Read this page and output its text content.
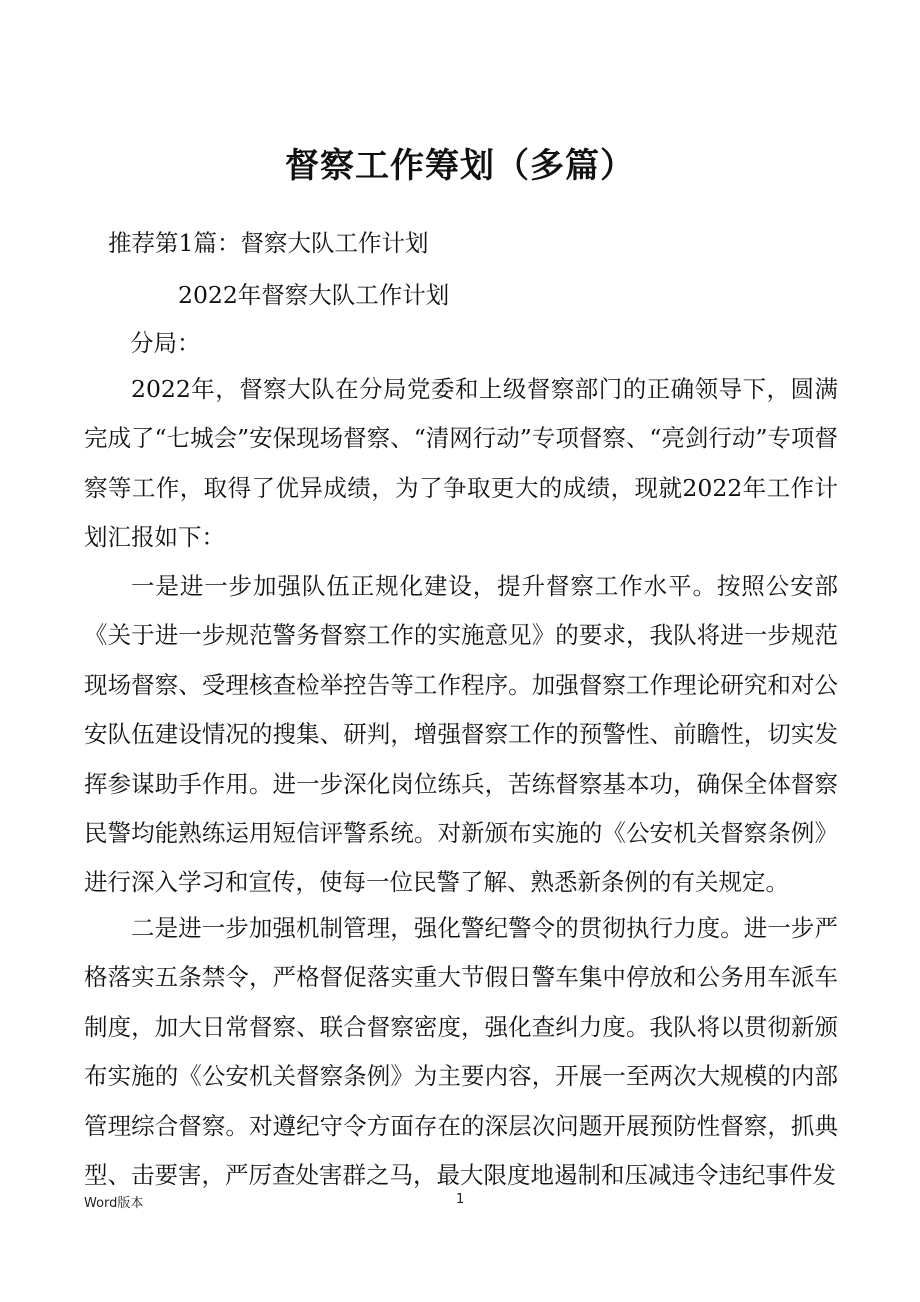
督察工作筹划（多篇）
推荐第1篇：督察大队工作计划
2022年督察大队工作计划
分局：

2022年，督察大队在分局党委和上级督察部门的正确领导下，圆满完成了“七城会”安保现场督察、“清网行动”专项督察、“亮剑行动”专项督察等工作，取得了优异成绩，为了争取更大的成绩，现就2022年工作计划汇报如下：

一是进一步加强队伍正规化建设，提升督察工作水平。按照公安部《关于进一步规范警务督察工作的实施意见》的要求，我队将进一步规范现场督察、受理核查检举控告等工作程序。加强督察工作理论研究和对公安队伍建设情况的搜集、研判，增强督察工作的预警性、前瞻性，切实发挥参谋助手作用。进一步深化岗位练兵，苦练督察基本功，确保全体督察民警均能熟练运用短信评警系统。对新颁布实施的《公安机关督察条例》进行深入学习和宣传，使每一位民警了解、熟悉新条例的有关规定。

二是进一步加强机制管理，强化警纪警令的贯彻执行力度。进一步严格落实五条禁令，严格督促落实重大节假日警车集中停放和公务用车派车制度，加大日常督察、联合督察密度，强化查纠力度。我队将以贯彻新颁布实施的《公安机关督察条例》为主要内容，开展一至两次大规模的内部管理综合督察。对遵纪守令方面存在的深层次问题开展预防性督察，抓典型、击要害，严厉查处害群之马，最大限度地遏制和压减违令违纪事件发

Word版本	1
